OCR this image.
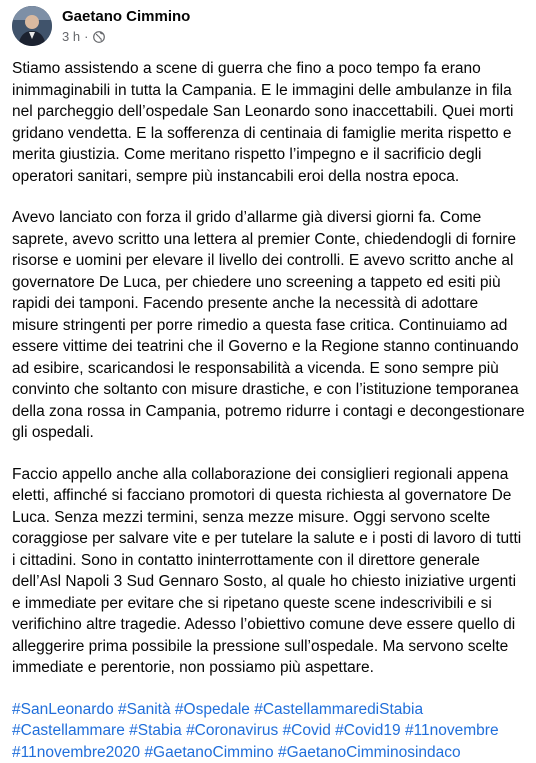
Gaetano Cimmino
3 h ·

Stiamo assistendo a scene di guerra che fino a poco tempo fa erano inimmaginabili in tutta la Campania. E le immagini delle ambulanze in fila nel parcheggio dell’ospedale San Leonardo sono inaccettabili. Quei morti gridano vendetta. E la sofferenza di centinaia di famiglie merita rispetto e merita giustizia. Come meritano rispetto l’impegno e il sacrificio degli operatori sanitari, sempre più instancabili eroi della nostra epoca.

Avevo lanciato con forza il grido d’allarme già diversi giorni fa. Come saprete, avevo scritto una lettera al premier Conte, chiedendogli di fornire risorse e uomini per elevare il livello dei controlli. E avevo scritto anche al governatore De Luca, per chiedere uno screening a tappeto ed esiti più rapidi dei tamponi. Facendo presente anche la necessità di adottare misure stringenti per porre rimedio a questa fase critica. Continuiamo ad essere vittime dei teatrini che il Governo e la Regione stanno continuando ad esibire, scaricandosi le responsabilità a vicenda. E sono sempre più convinto che soltanto con misure drastiche, e con l’istituzione temporanea della zona rossa in Campania, potremo ridurre i contagi e decongestionare gli ospedali.

Faccio appello anche alla collaborazione dei consiglieri regionali appena eletti, affinché si facciano promotori di questa richiesta al governatore De Luca. Senza mezzi termini, senza mezze misure. Oggi servono scelte coraggiose per salvare vite e per tutelare la salute e i posti di lavoro di tutti i cittadini. Sono in contatto ininterrottamente con il direttore generale dell’Asl Napoli 3 Sud Gennaro Sosto, al quale ho chiesto iniziative urgenti e immediate per evitare che si ripetano queste scene indescrivibili e si verifichino altre tragedie. Adesso l’obiettivo comune deve essere quello di alleggerire prima possibile la pressione sull’ospedale. Ma servono scelte immediate e perentorie, non possiamo più aspettare.

#SanLeonardo #Sanità #Ospedale #CastellammarediStabia #Castellammare #Stabia #Coronavirus #Covid #Covid19 #11novembre #11novembre2020 #GaetanoCimmino #GaetanoCimminosindaco
